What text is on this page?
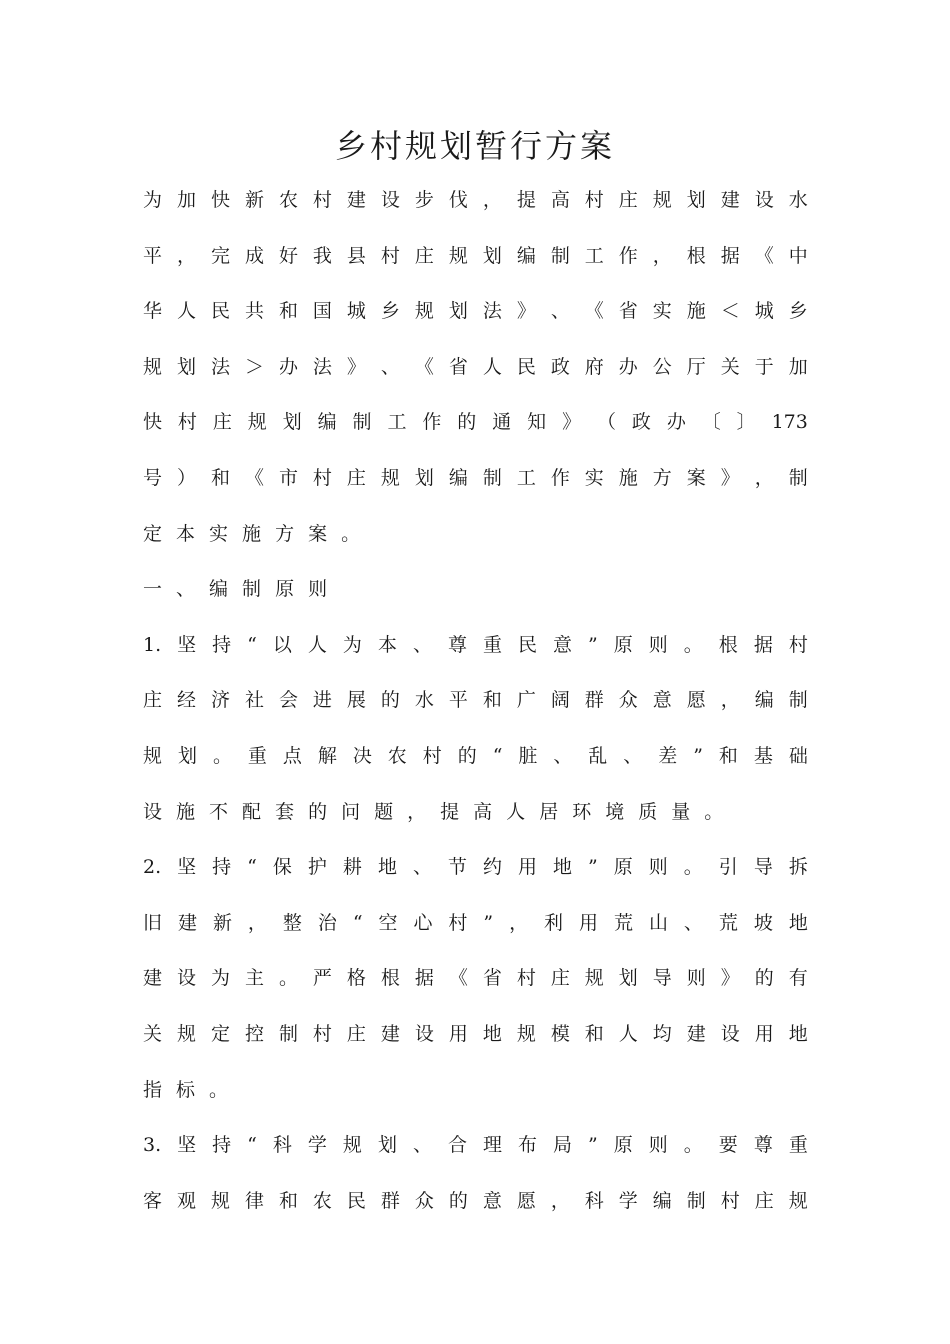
乡村规划暂行方案
为 加 快 新 农 村 建 设 步 伐 ， 提 高 村 庄 规 划 建 设 水
平 ， 完 成 好 我 县 村 庄 规 划 编 制 工 作 ， 根 据 《 中
华 人 民 共 和 国 城 乡 规 划 法 》 、 《 省 实 施 ＜ 城 乡
规 划 法 ＞ 办 法 》 、 《 省 人 民 政 府 办 公 厅 关 于 加
快 村 庄 规 划 编 制 工 作 的 通 知 》 （ 政 办 〔 〕 173
号 ） 和 《 市 村 庄 规 划 编 制 工 作 实 施 方 案 》 ， 制
定 本 实 施 方 案 。
一 、 编 制 原 则
1. 坚 持 “ 以 人 为 本 、 尊 重 民 意 ” 原 则 。 根 据 村
庄 经 济 社 会 进 展 的 水 平 和 广 阔 群 众 意 愿 ， 编 制
规 划 。 重 点 解 决 农 村 的 “ 脏 、 乱 、 差 ” 和 基 础
设 施 不 配 套 的 问 题 ， 提 高 人 居 环 境 质 量 。
2. 坚 持 “ 保 护 耕 地 、 节 约 用 地 ” 原 则 。 引 导 拆
旧 建 新 ， 整 治 “ 空 心 村 ” ， 利 用 荒 山 、 荒 坡 地
建 设 为 主 。 严 格 根 据 《 省 村 庄 规 划 导 则 》 的 有
关 规 定 控 制 村 庄 建 设 用 地 规 模 和 人 均 建 设 用 地
指 标 。
3. 坚 持 “ 科 学 规 划 、 合 理 布 局 ” 原 则 。 要 尊 重
客 观 规 律 和 农 民 群 众 的 意 愿 ， 科 学 编 制 村 庄 规
